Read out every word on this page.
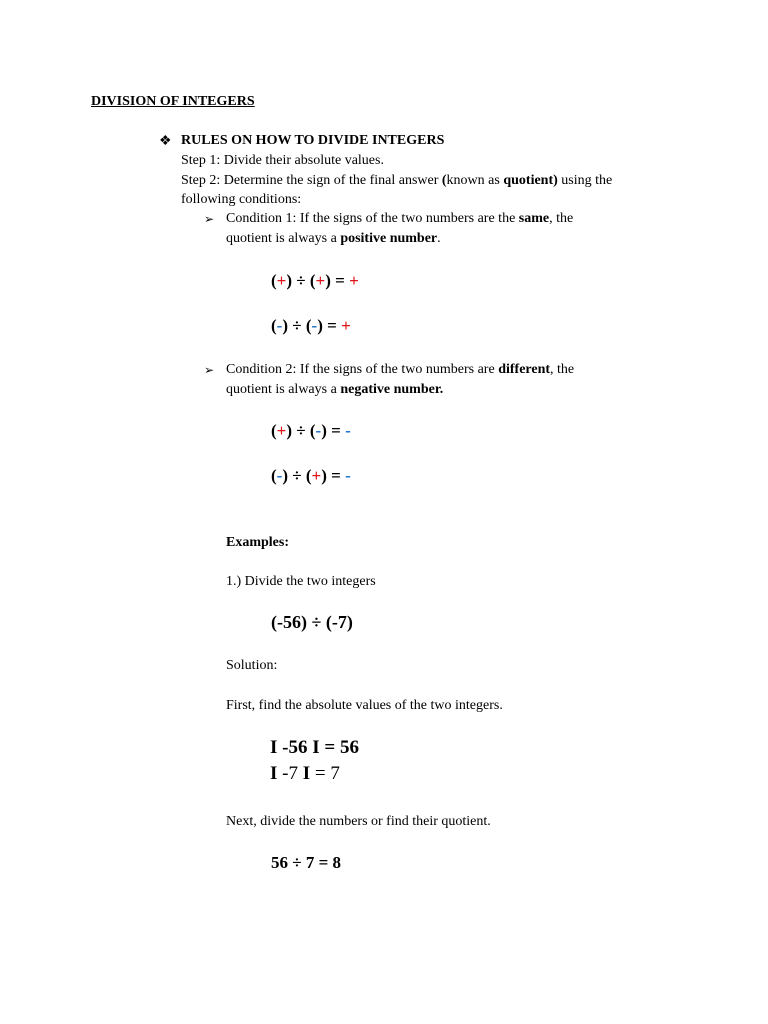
DIVISION OF INTEGERS
❖ RULES ON HOW TO DIVIDE INTEGERS
Step 1: Divide their absolute values.
Step 2: Determine the sign of the final answer (known as quotient) using the
following conditions:
➢ Condition 1: If the signs of the two numbers are the same, the
quotient is always a positive number.
(+) ÷ (+) = +
(-) ÷ (-) = +
➢ Condition 2: If the signs of the two numbers are different, the
quotient is always a negative number.
(+) ÷ (-) = -
(-) ÷ (+) = -
Examples:
1.) Divide the two integers
(-56) ÷ (-7)
Solution:
First, find the absolute values of the two integers.
I -56 I = 56
I -7 I = 7
Next, divide the numbers or find their quotient.
56 ÷ 7 = 8
